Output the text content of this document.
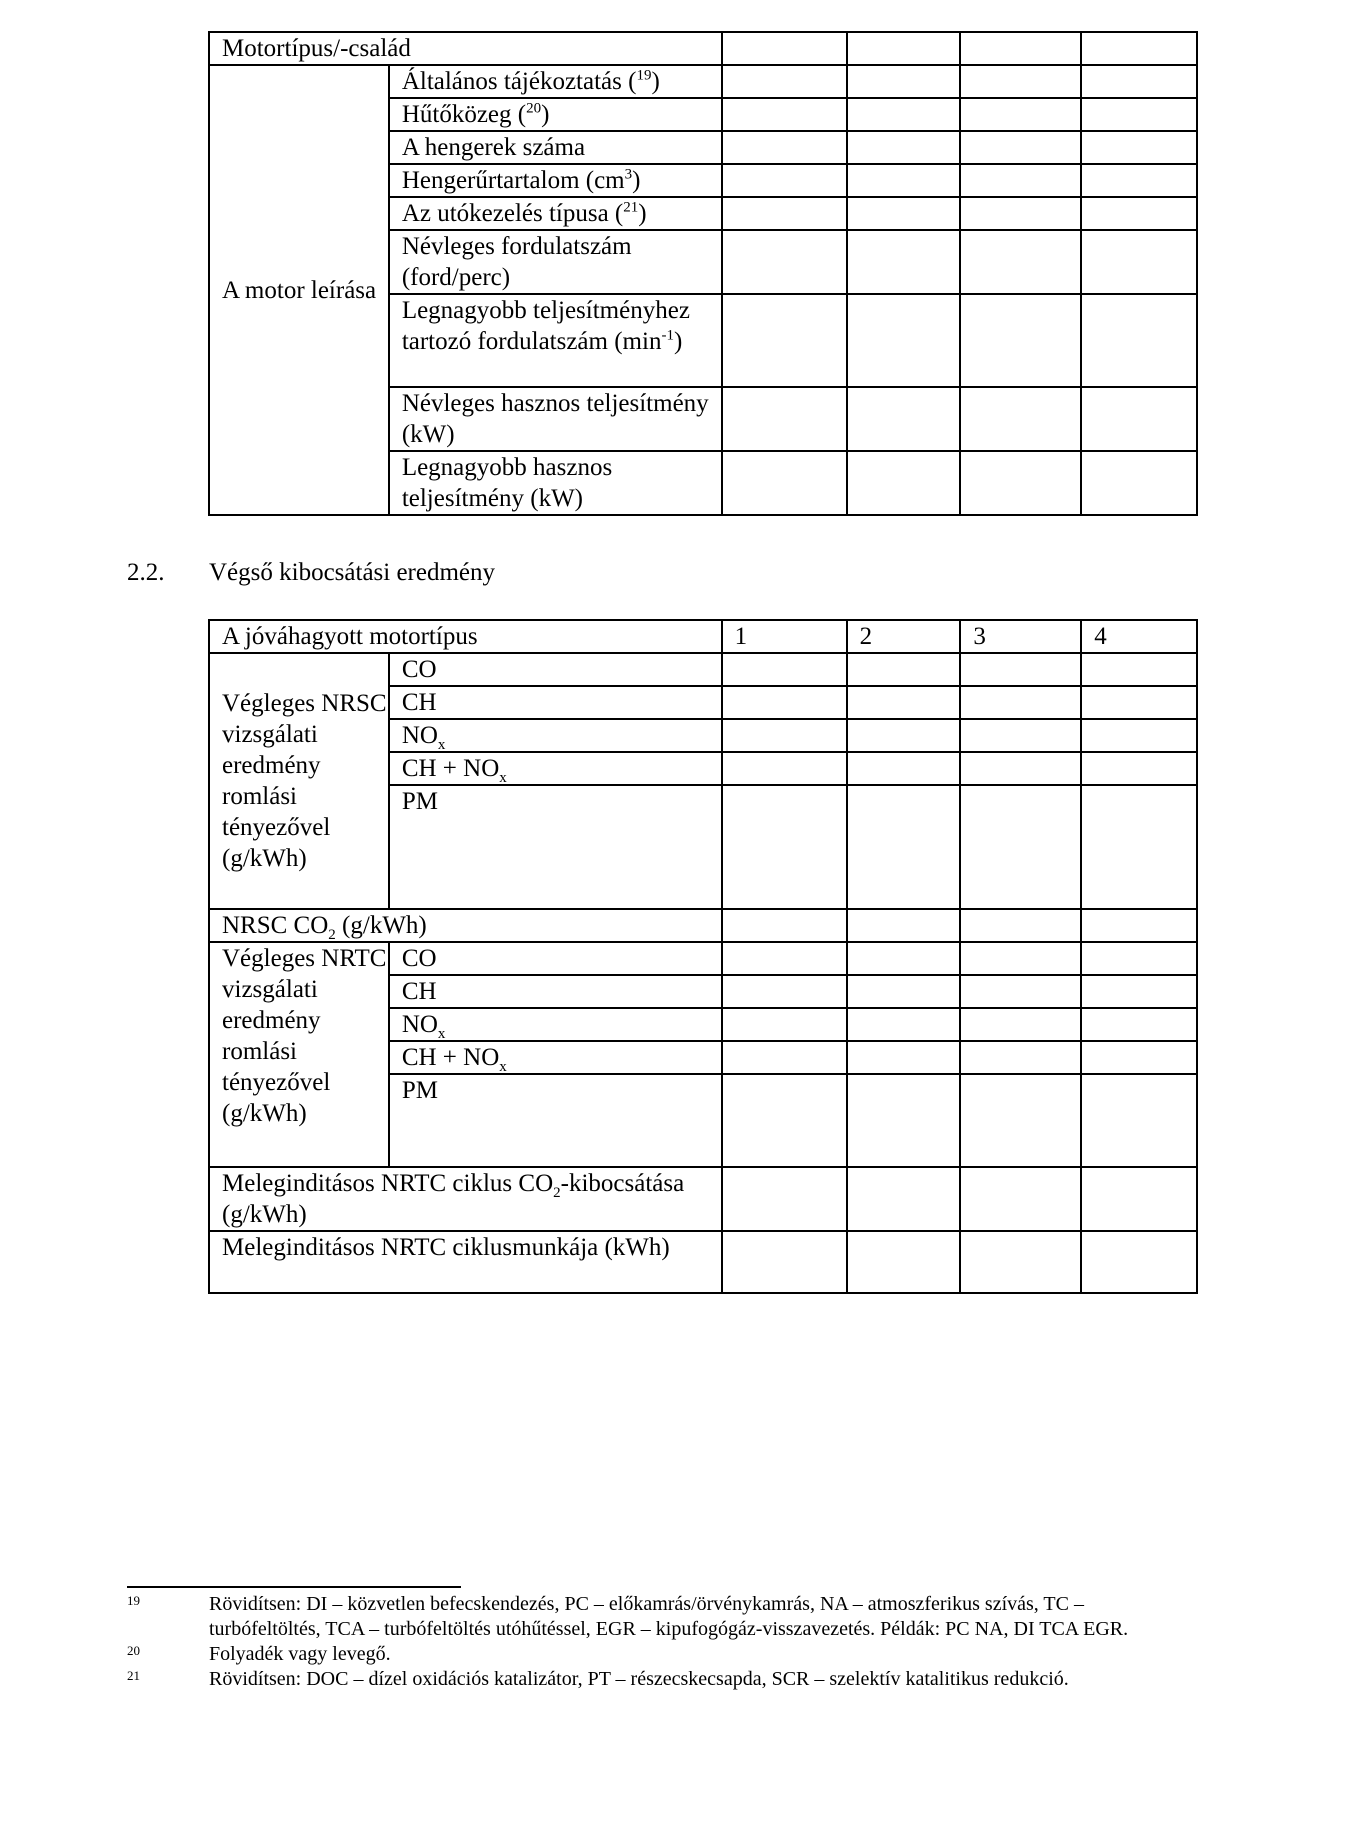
Motortípus/-család					
A motor leírása	Általános tájékoztatás ($^{19}$)				
	Hűtőközeg ($^{20}$)				
	A hengerek száma				
	Hengerűrtartalom $(cm^3)$				
	Az utókezelés típusa ($^{21}$)				
	Névleges fordulatszám (ford/perc)				
	Legnagyobb teljesítményhez tartozó fordulatszám $(\min^{-1})$				
	Névleges hasznos teljesítmény (kW)				
	Legnagyobb hasznos teljesítmény (kW)				
2.2. Végső kibocsátási eredmény
A jóváhagyott motortípus		1	2	3	4
Végleges NRSC vizsgálati eredmény romlási tényezővel (g/kWh)	CO				
	CH				
	$NO_x$				
	CH + $NO_x$				
	PM				
NRSC $CO_2$ (g/kWh)					
Végleges NRTC vizsgálati eredmény romlási tényezővel (g/kWh)	CO				
	CH				
	$NO_x$				
	CH + $NO_x$				
	PM				
Meleginditásos NRTC ciklus $CO_2$-kibocsátása (g/kWh)					
Meleginditásos NRTC ciklusmunkája (kWh)					
19	Rövidítsen: DI – közvetlen befecskendezés, PC – előkamrás/örvénykamrás, NA – atmoszferikus szívás, TC – turbófeltöltés, TCA – turbófeltöltés utóhűtéssel, EGR – kipufogógáz-visszavezetés. Példák: PC NA, DI TCA EGR.
20	Folyadék vagy levegő.
21	Rövidítsen: DOC – dízel oxidációs katalizátor, PT – részecskecsapda, SCR – szelektív katalitikus redukció.
